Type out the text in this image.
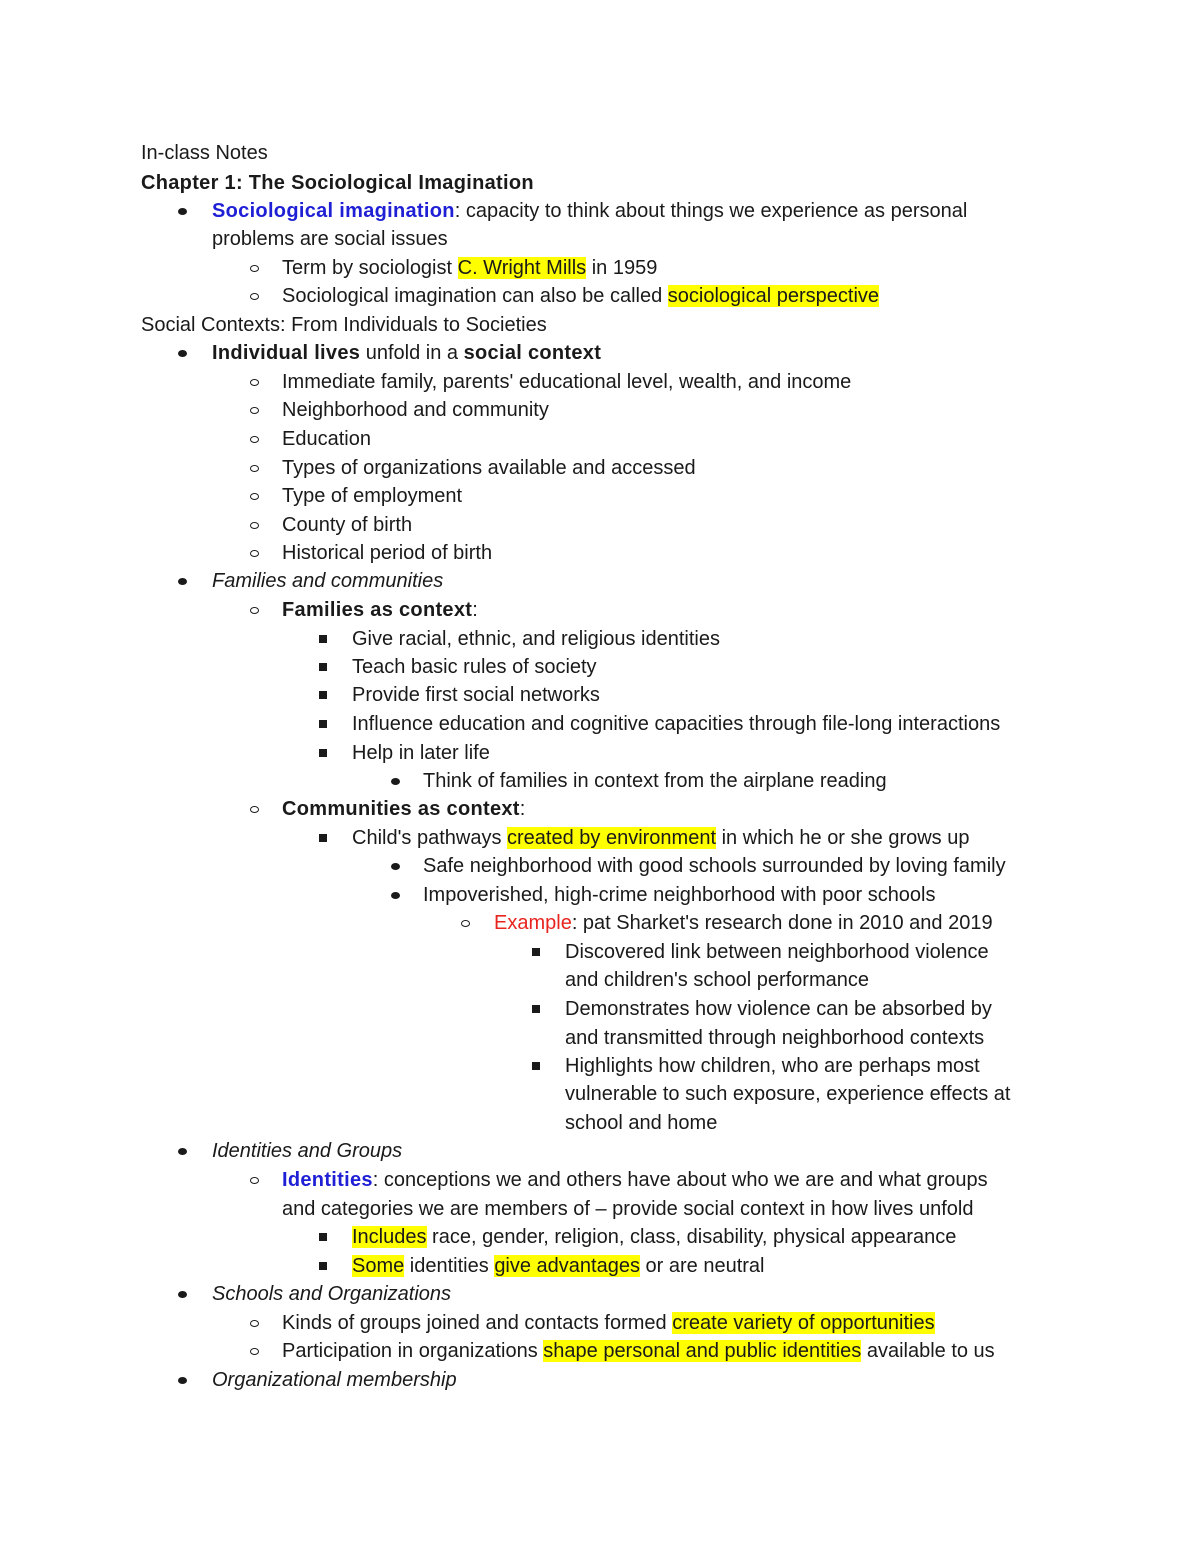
In-class Notes
Chapter 1: The Sociological Imagination
Sociological imagination: capacity to think about things we experience as personal
problems are social issues
Term by sociologist C. Wright Mills in 1959
Sociological imagination can also be called sociological perspective
Social Contexts: From Individuals to Societies
Individual lives unfold in a social context
Immediate family, parents' educational level, wealth, and income
Neighborhood and community
Education
Types of organizations available and accessed
Type of employment
County of birth
Historical period of birth
Families and communities
Families as context:
Give racial, ethnic, and religious identities
Teach basic rules of society
Provide first social networks
Influence education and cognitive capacities through file-long interactions
Help in later life
Think of families in context from the airplane reading
Communities as context:
Child's pathways created by environment in which he or she grows up
Safe neighborhood with good schools surrounded by loving family
Impoverished, high-crime neighborhood with poor schools
Example: pat Sharket's research done in 2010 and 2019
Discovered link between neighborhood violence
and children's school performance
Demonstrates how violence can be absorbed by
and transmitted through neighborhood contexts
Highlights how children, who are perhaps most
vulnerable to such exposure, experience effects at
school and home
Identities and Groups
Identities: conceptions we and others have about who we are and what groups
and categories we are members of – provide social context in how lives unfold
Includes race, gender, religion, class, disability, physical appearance
Some identities give advantages or are neutral
Schools and Organizations
Kinds of groups joined and contacts formed create variety of opportunities
Participation in organizations shape personal and public identities available to us
Organizational membership
